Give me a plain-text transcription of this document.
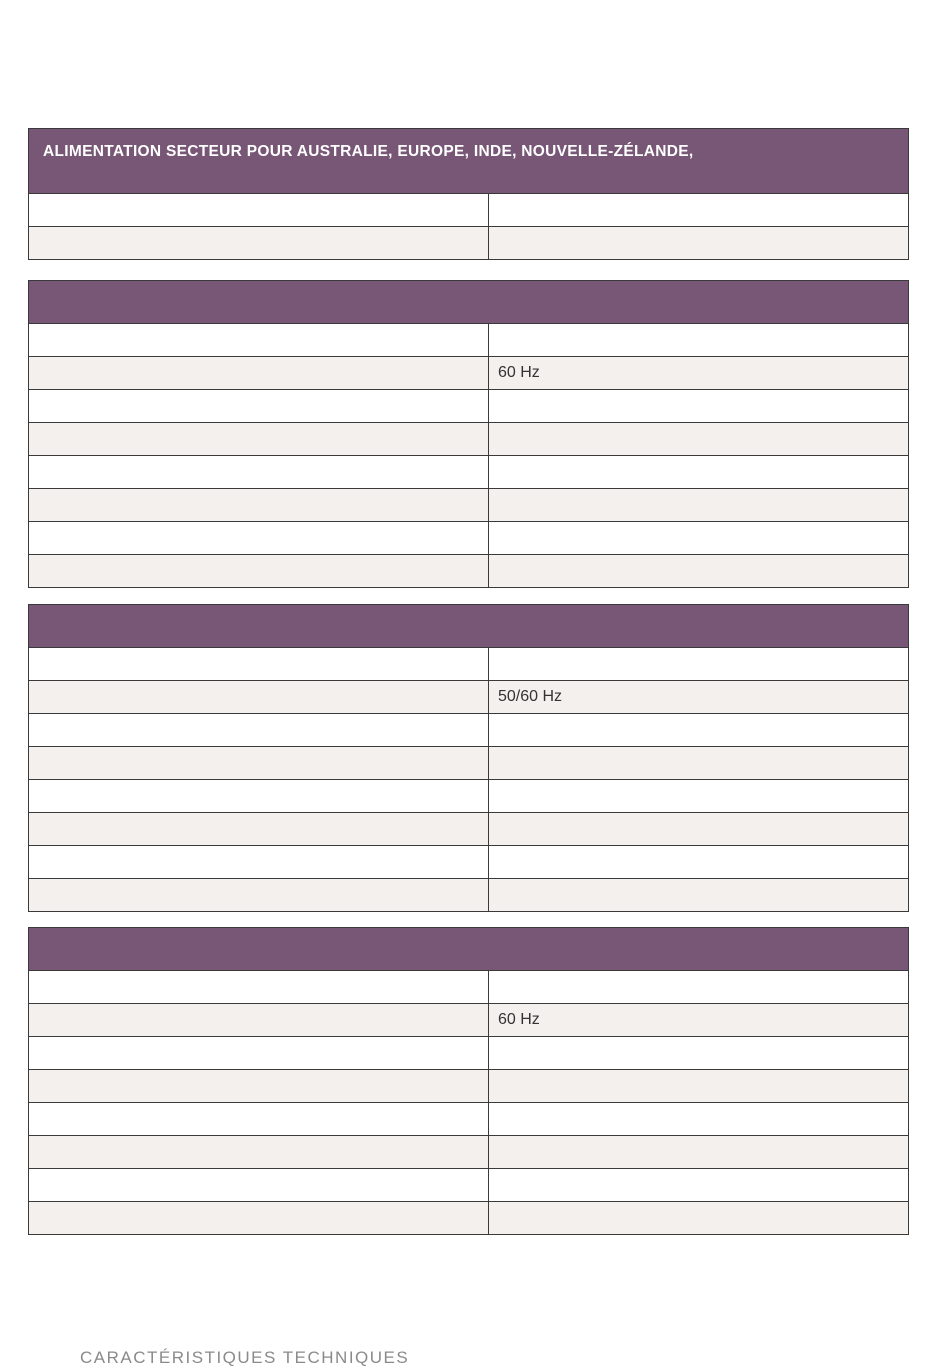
ALIMENTATION SECTEUR POUR AUSTRALIE, EUROPE, INDE, NOUVELLE-ZÉLANDE,	

	60 Hz

	50/60 Hz

	60 Hz

CARACTÉRISTIQUES TECHNIQUES
